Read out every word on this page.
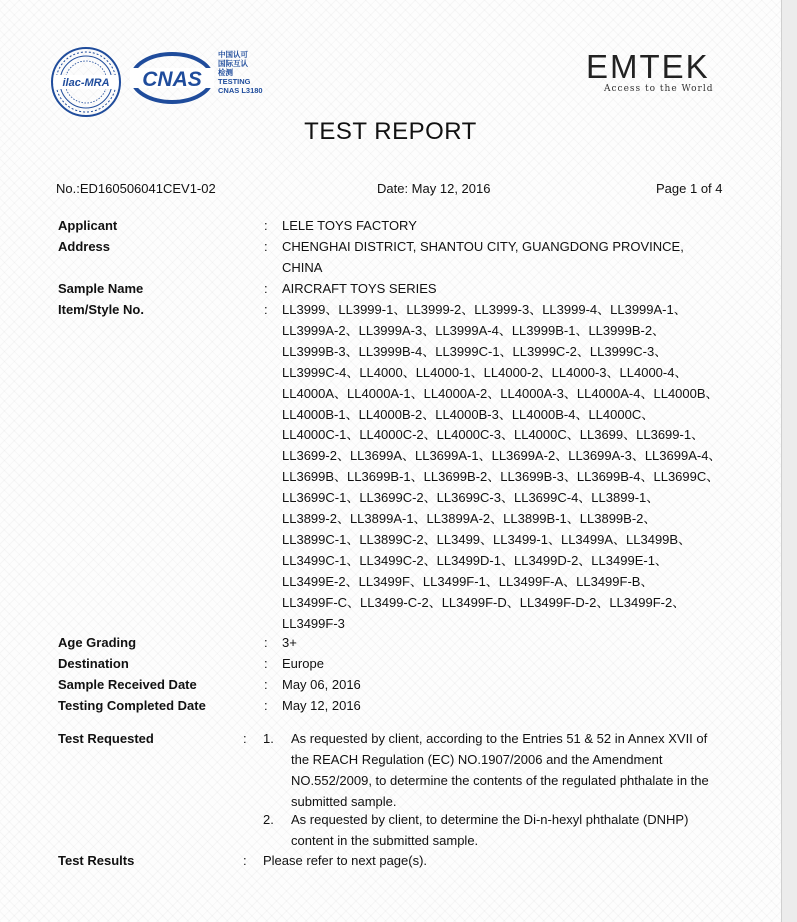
ilac-MRA CNAS
中国认可
国际互认
检测
TESTING
CNAS L3180
EMTEK
Access to the World
TEST REPORT
No.:ED160506041CEV1-02	Date: May 12, 2016	Page 1 of 4
Applicant	: LELE TOYS FACTORY
Address	: CHENGHAI DISTRICT, SHANTOU CITY, GUANGDONG PROVINCE,
CHINA
Sample Name	: AIRCRAFT TOYS SERIES
Item/Style No.	: LL3999、LL3999-1、LL3999-2、LL3999-3、LL3999-4、LL3999A-1、
LL3999A-2、LL3999A-3、LL3999A-4、LL3999B-1、LL3999B-2、
LL3999B-3、LL3999B-4、LL3999C-1、LL3999C-2、LL3999C-3、
LL3999C-4、LL4000、LL4000-1、LL4000-2、LL4000-3、LL4000-4、
LL4000A、LL4000A-1、LL4000A-2、LL4000A-3、LL4000A-4、LL4000B、
LL4000B-1、LL4000B-2、LL4000B-3、LL4000B-4、LL4000C、
LL4000C-1、LL4000C-2、LL4000C-3、LL4000C、LL3699、LL3699-1、
LL3699-2、LL3699A、LL3699A-1、LL3699A-2、LL3699A-3、LL3699A-4、
LL3699B、LL3699B-1、LL3699B-2、LL3699B-3、LL3699B-4、LL3699C、
LL3699C-1、LL3699C-2、LL3699C-3、LL3699C-4、LL3899-1、
LL3899-2、LL3899A-1、LL3899A-2、LL3899B-1、LL3899B-2、
LL3899C-1、LL3899C-2、LL3499、LL3499-1、LL3499A、LL3499B、
LL3499C-1、LL3499C-2、LL3499D-1、LL3499D-2、LL3499E-1、
LL3499E-2、LL3499F、LL3499F-1、LL3499F-A、LL3499F-B、
LL3499F-C、LL3499-C-2、LL3499F-D、LL3499F-D-2、LL3499F-2、
LL3499F-3
Age Grading	: 3+
Destination	: Europe
Sample Received Date	: May 06, 2016
Testing Completed Date	: May 12, 2016
Test Requested	: 1. As requested by client, according to the Entries 51 & 52 in Annex XVII of
the REACH Regulation (EC) NO.1907/2006 and the Amendment
NO.552/2009, to determine the contents of the regulated phthalate in the
submitted sample.
2. As requested by client, to determine the Di-n-hexyl phthalate (DNHP)
content in the submitted sample.
Test Results	: Please refer to next page(s).
